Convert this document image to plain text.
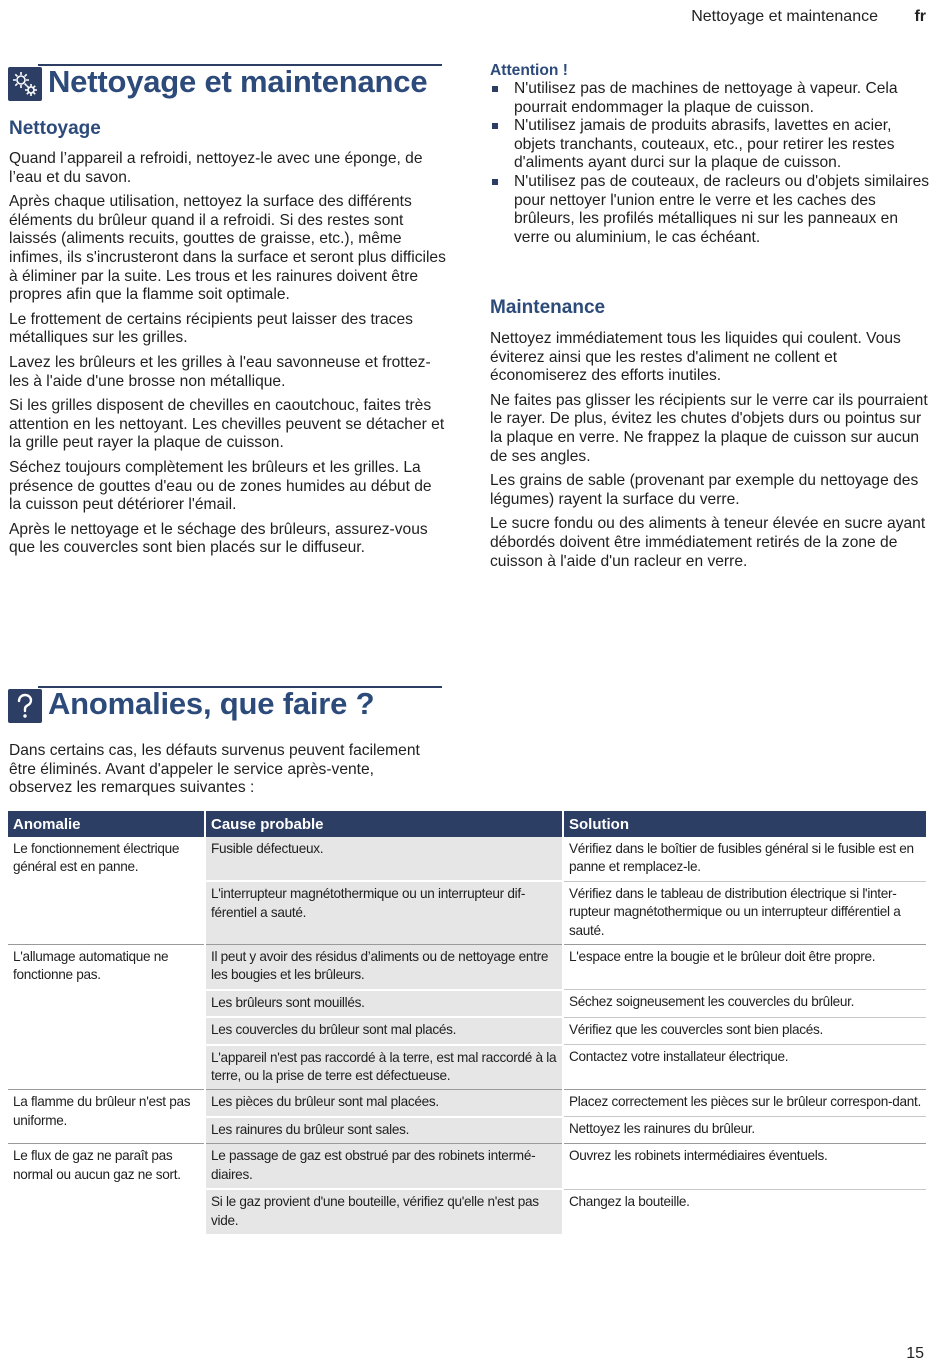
Nettoyage et maintenance fr
Nettoyage et maintenance
Nettoyage

Quand l’appareil a refroidi, nettoyez-le avec une éponge, de l’eau et du savon.

Après chaque utilisation, nettoyez la surface des différents éléments du brûleur quand il a refroidi. Si des restes sont laissés (aliments recuits, gouttes de graisse, etc.), même infimes, ils s'incrusteront dans la surface et seront plus difficiles à éliminer par la suite. Les trous et les rainures doivent être propres afin que la flamme soit optimale.

Le frottement de certains récipients peut laisser des traces métalliques sur les grilles.

Lavez les brûleurs et les grilles à l'eau savonneuse et frottez-les à l'aide d'une brosse non métallique.

Si les grilles disposent de chevilles en caoutchouc, faites très attention en les nettoyant. Les chevilles peuvent se détacher et la grille peut rayer la plaque de cuisson.

Séchez toujours complètement les brûleurs et les grilles. La présence de gouttes d'eau ou de zones humides au début de la cuisson peut détériorer l'émail.

Après le nettoyage et le séchage des brûleurs, assurez-vous que les couvercles sont bien placés sur le diffuseur.

Attention !

N'utilisez pas de machines de nettoyage à vapeur. Cela pourrait endommager la plaque de cuisson.
N'utilisez jamais de produits abrasifs, lavettes en acier, objets tranchants, couteaux, etc., pour retirer les restes d'aliments ayant durci sur la plaque de cuisson.
N'utilisez pas de couteaux, de racleurs ou d'objets similaires pour nettoyer l'union entre le verre et les caches des brûleurs, les profilés métalliques ni sur les panneaux en verre ou aluminium, le cas échéant.
Maintenance

Nettoyez immédiatement tous les liquides qui coulent. Vous éviterez ainsi que les restes d'aliment ne collent et économiserez des efforts inutiles.

Ne faites pas glisser les récipients sur le verre car ils pourraient le rayer. De plus, évitez les chutes d'objets durs ou pointus sur la plaque en verre. Ne frappez la plaque de cuisson sur aucun de ses angles.

Les grains de sable (provenant par exemple du nettoyage des légumes) rayent la surface du verre.

Le sucre fondu ou des aliments à teneur élevée en sucre ayant débordés doivent être immédiatement retirés de la zone de cuisson à l'aide d'un racleur en verre.

Anomalies, que faire ?

Dans certains cas, les défauts survenus peuvent facilement être éliminés. Avant d'appeler le service après-vente, observez les remarques suivantes :

Anomalie	Cause probable	Solution
Le fonctionnement électrique général est en panne.	Fusible défectueux.	Vérifiez dans le boîtier de fusibles général si le fusible est en panne et remplacez-le.
	L'interrupteur magnétothermique ou un interrupteur dif-férentiel a sauté.	Vérifiez dans le tableau de distribution électrique si l'inter-rupteur magnétothermique ou un interrupteur différentiel a sauté.
L'allumage automatique ne fonctionne pas.	Il peut y avoir des résidus d’aliments ou de nettoyage entre les bougies et les brûleurs.	L'espace entre la bougie et le brûleur doit être propre.
	Les brûleurs sont mouillés.	Séchez soigneusement les couvercles du brûleur.
	Les couvercles du brûleur sont mal placés.	Vérifiez que les couvercles sont bien placés.
	L'appareil n'est pas raccordé à la terre, est mal raccordé à la terre, ou la prise de terre est défectueuse.	Contactez votre installateur électrique.
La flamme du brûleur n'est pas uniforme.	Les pièces du brûleur sont mal placées.	Placez correctement les pièces sur le brûleur correspon-dant.
	Les rainures du brûleur sont sales.	Nettoyez les rainures du brûleur.
Le flux de gaz ne paraît pas normal ou aucun gaz ne sort.	Le passage de gaz est obstrué par des robinets intermé-diaires.	Ouvrez les robinets intermédiaires éventuels.
	Si le gaz provient d'une bouteille, vérifiez qu'elle n'est pas vide.	Changez la bouteille.
15
